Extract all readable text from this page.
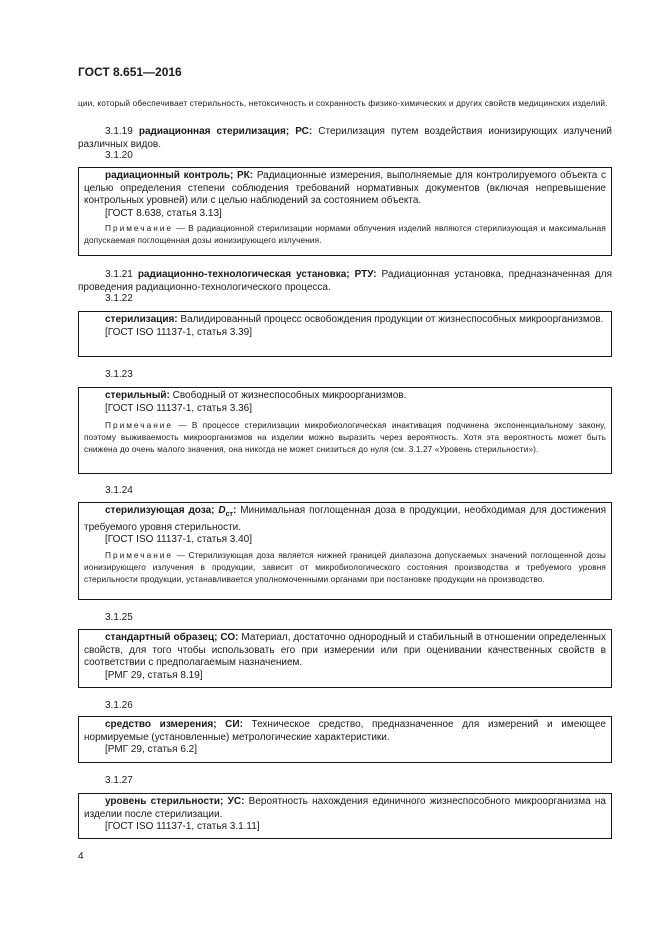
ГОСТ 8.651—2016
ции, который обеспечивает стерильность, нетоксичность и сохранность физико-химических и других свойств медицинских изделий.
3.1.19 радиационная стерилизация; РС: Стерилизация путем воздействия ионизирующих излучений различных видов.
3.1.20
радиационный контроль; РК: Радиационные измерения, выполняемые для контролируемого объекта с целью определения степени соблюдения требований нормативных документов (включая непревышение контрольных уровней) или с целью наблюдений за состоянием объекта.
[ГОСТ 8.638, статья 3.13]
Примечание — В радиационной стерилизации нормами облучения изделий являются стерилизующая и максимальная допускаемая поглощенная дозы ионизирующего излучения.
3.1.21 радиационно-технологическая установка; РТУ: Радиационная установка, предназначенная для проведения радиационно-технологического процесса.
3.1.22
стерилизация: Валидированный процесс освобождения продукции от жизнеспособных микроорганизмов.
[ГОСТ ISO 11137-1, статья 3.39]
3.1.23
стерильный: Свободный от жизнеспособных микроорганизмов.
[ГОСТ ISO 11137-1, статья 3.36]
Примечание — В процессе стерилизации микробиологическая инактивация подчинена экспоненциальному закону, поэтому выживаемость микроорганизмов на изделии можно выразить через вероятность. Хотя эта вероятность может быть снижена до очень малого значения, она никогда не может снизиться до нуля (см. 3.1.27 «Уровень стерильности»).
3.1.24
стерилизующая доза; $D_{ст}$: Минимальная поглощенная доза в продукции, необходимая для достижения требуемого уровня стерильности.
[ГОСТ ISO 11137-1, статья 3.40]
Примечание — Стерилизующая доза является нижней границей диапазона допускаемых значений поглощенной дозы ионизирующего излучения в продукции, зависит от микробиологического состояния производства и требуемого уровня стерильности продукции, устанавливается уполномоченными органами при постановке продукции на производство.
3.1.25
стандартный образец; СО: Материал, достаточно однородный и стабильный в отношении определенных свойств, для того чтобы использовать его при измерении или при оценивании качественных свойств в соответствии с предполагаемым назначением.
[РМГ 29, статья 8.19]
3.1.26
средство измерения; СИ: Техническое средство, предназначенное для измерений и имеющее нормируемые (установленные) метрологические характеристики.
[РМГ 29, статья 6.2]
3.1.27
уровень стерильности; УС: Вероятность нахождения единичного жизнеспособного микроорганизма на изделии после стерилизации.
[ГОСТ ISO 11137-1, статья 3.1.11]
4
